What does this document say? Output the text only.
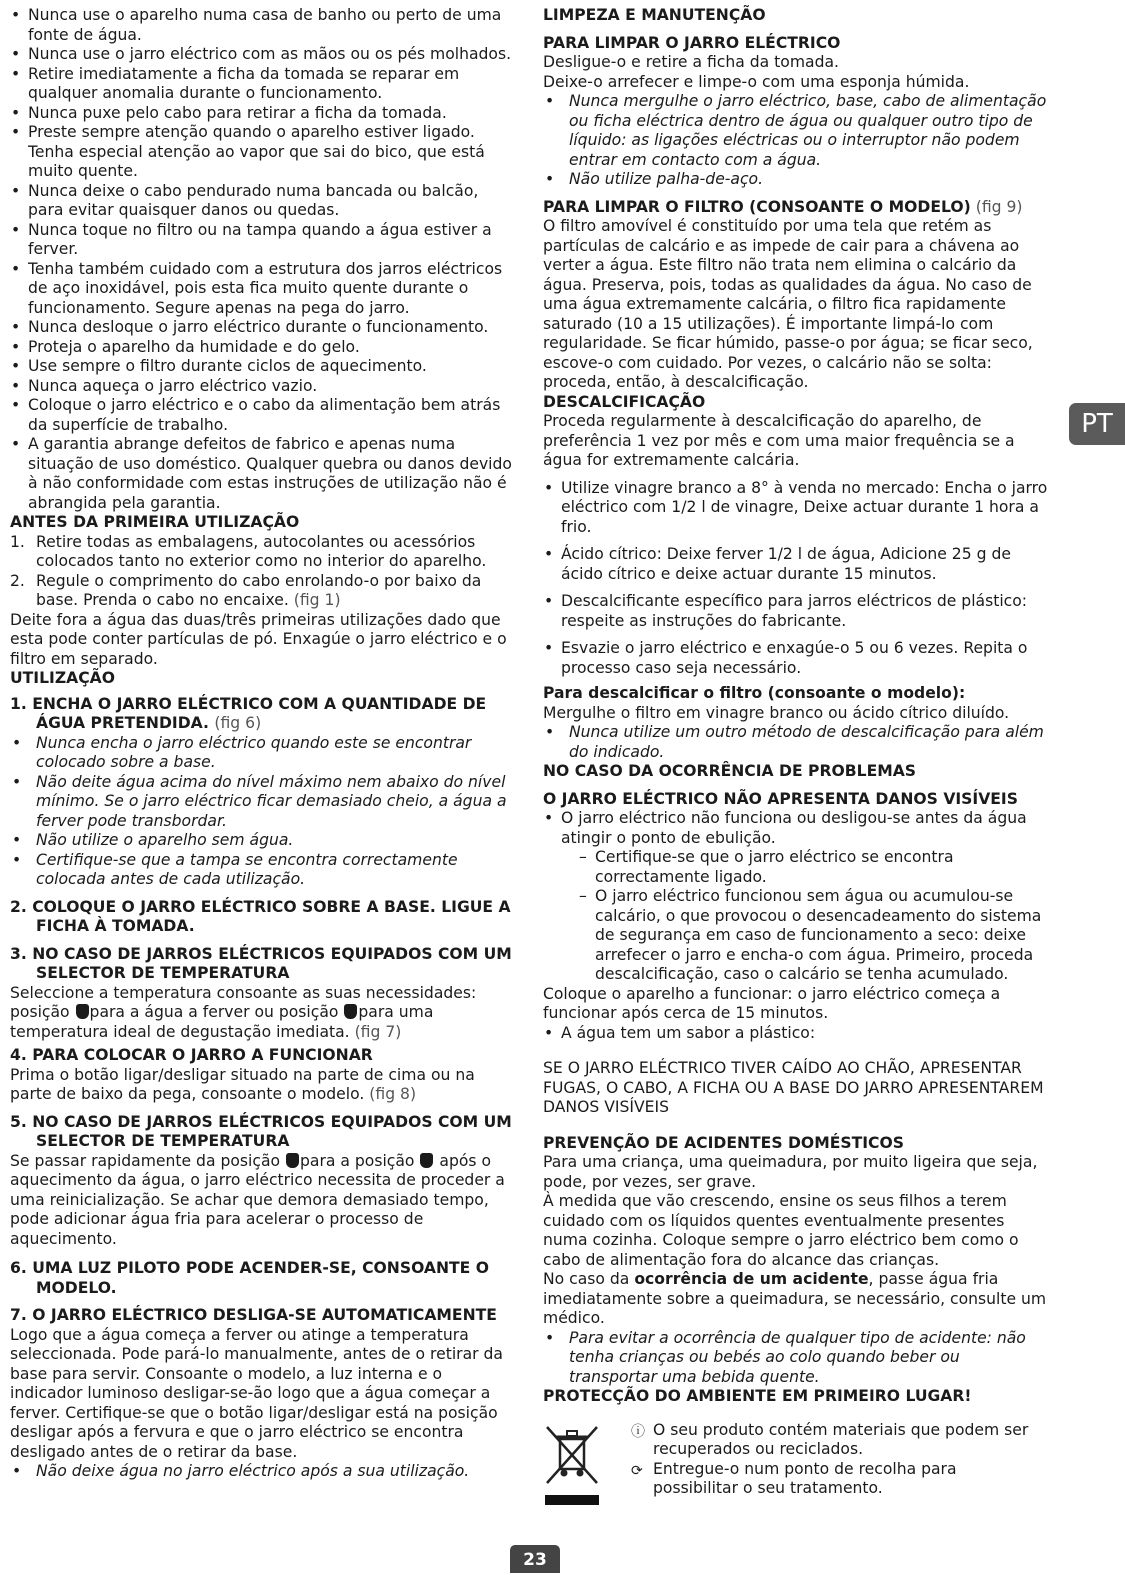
• Nunca use o aparelho numa casa de banho ou perto de uma fonte de água.
• Nunca use o jarro eléctrico com as mãos ou os pés molhados.
• Retire imediatamente a ficha da tomada se reparar em qualquer anomalia durante o funcionamento.
• Nunca puxe pelo cabo para retirar a ficha da tomada.
• Preste sempre atenção quando o aparelho estiver ligado. Tenha especial atenção ao vapor que sai do bico, que está muito quente.
• Nunca deixe o cabo pendurado numa bancada ou balcão, para evitar quaisquer danos ou quedas.
• Nunca toque no filtro ou na tampa quando a água estiver a ferver.
• Tenha também cuidado com a estrutura dos jarros eléctricos de aço inoxidável, pois esta fica muito quente durante o funcionamento. Segure apenas na pega do jarro.
• Nunca desloque o jarro eléctrico durante o funcionamento.
• Proteja o aparelho da humidade e do gelo.
• Use sempre o filtro durante ciclos de aquecimento.
• Nunca aqueça o jarro eléctrico vazio.
• Coloque o jarro eléctrico e o cabo da alimentação bem atrás da superfície de trabalho.
• A garantia abrange defeitos de fabrico e apenas numa situação de uso doméstico. Qualquer quebra ou danos devido à não conformidade com estas instruções de utilização não é abrangida pela garantia.

ANTES DA PRIMEIRA UTILIZAÇÃO

1. Retire todas as embalagens, autocolantes ou acessórios colocados tanto no exterior como no interior do aparelho.
2. Regule o comprimento do cabo enrolando-o por baixo da base. Prenda o cabo no encaixe. (fig 1)

Deite fora a água das duas/três primeiras utilizações dado que esta pode conter partículas de pó. Enxagúe o jarro eléctrico e o filtro em separado.

UTILIZAÇÃO

1. ENCHA O JARRO ELÉCTRICO COM A QUANTIDADE DE ÁGUA PRETENDIDA. (fig 6)

• Nunca encha o jarro eléctrico quando este se encontrar colocado sobre a base.
• Não deite água acima do nível máximo nem abaixo do nível mínimo. Se o jarro eléctrico ficar demasiado cheio, a água a ferver pode transbordar.
• Não utilize o aparelho sem água.
• Certifique-se que a tampa se encontra correctamente colocada antes de cada utilização.

2. COLOQUE O JARRO ELÉCTRICO SOBRE A BASE. LIGUE A FICHA À TOMADA.

3. NO CASO DE JARROS ELÉCTRICOS EQUIPADOS COM UM SELECTOR DE TEMPERATURA

Seleccione a temperatura consoante as suas necessidades: posição para a água a ferver ou posição para uma temperatura ideal de degustação imediata. (fig 7)

4. PARA COLOCAR O JARRO A FUNCIONAR

Prima o botão ligar/desligar situado na parte de cima ou na parte de baixo da pega, consoante o modelo. (fig 8)

5. NO CASO DE JARROS ELÉCTRICOS EQUIPADOS COM UM SELECTOR DE TEMPERATURA

Se passar rapidamente da posição para a posição após o aquecimento da água, o jarro eléctrico necessita de proceder a uma reinicialização. Se achar que demora demasiado tempo, pode adicionar água fria para acelerar o processo de aquecimento.

6. UMA LUZ PILOTO PODE ACENDER-SE, CONSOANTE O MODELO.

7. O JARRO ELÉCTRICO DESLIGA-SE AUTOMATICAMENTE

Logo que a água começa a ferver ou atinge a temperatura seleccionada. Pode pará-lo manualmente, antes de o retirar da base para servir. Consoante o modelo, a luz interna e o indicador luminoso desligar-se-ão logo que a água começar a ferver. Certifique-se que o botão ligar/desligar está na posição desligar após a fervura e que o jarro eléctrico se encontra desligado antes de o retirar da base.

• Não deixe água no jarro eléctrico após a sua utilização.

LIMPEZA E MANUTENÇÃO

PARA LIMPAR O JARRO ELÉCTRICO

Desligue-o e retire a ficha da tomada.

Deixe-o arrefecer e limpe-o com uma esponja húmida.

• Nunca mergulhe o jarro eléctrico, base, cabo de alimentação ou ficha eléctrica dentro de água ou qualquer outro tipo de líquido: as ligações eléctricas ou o interruptor não podem entrar em contacto com a água.
• Não utilize palha-de-aço.

PARA LIMPAR O FILTRO (CONSOANTE O MODELO) (fig 9)

O filtro amovível é constituído por uma tela que retém as partículas de calcário e as impede de cair para a chávena ao verter a água. Este filtro não trata nem elimina o calcário da água. Preserva, pois, todas as qualidades da água. No caso de uma água extremamente calcária, o filtro fica rapidamente saturado (10 a 15 utilizações). É importante limpá-lo com regularidade. Se ficar húmido, passe-o por água; se ficar seco, escove-o com cuidado. Por vezes, o calcário não se solta: proceda, então, à descalcificação.

DESCALCIFICAÇÃO

Proceda regularmente à descalcificação do aparelho, de preferência 1 vez por mês e com uma maior frequência se a água for extremamente calcária.

• Utilize vinagre branco a 8° à venda no mercado: Encha o jarro eléctrico com 1/2 l de vinagre, Deixe actuar durante 1 hora a frio.
• Ácido cítrico: Deixe ferver 1/2 l de água, Adicione 25 g de ácido cítrico e deixe actuar durante 15 minutos.
• Descalcificante específico para jarros eléctricos de plástico: respeite as instruções do fabricante.
• Esvazie o jarro eléctrico e enxagúe-o 5 ou 6 vezes. Repita o processo caso seja necessário.

Para descalcificar o filtro (consoante o modelo):

Mergulhe o filtro em vinagre branco ou ácido cítrico diluído.

• Nunca utilize um outro método de descalcificação para além do indicado.

NO CASO DA OCORRÊNCIA DE PROBLEMAS

O JARRO ELÉCTRICO NÃO APRESENTA DANOS VISÍVEIS

• O jarro eléctrico não funciona ou desligou-se antes da água atingir o ponto de ebulição.
– Certifique-se que o jarro eléctrico se encontra correctamente ligado.
– O jarro eléctrico funcionou sem água ou acumulou-se calcário, o que provocou o desencadeamento do sistema de segurança em caso de funcionamento a seco: deixe arrefecer o jarro e encha-o com água. Primeiro, proceda descalcificação, caso o calcário se tenha acumulado.

Coloque o aparelho a funcionar: o jarro eléctrico começa a funcionar após cerca de 15 minutos.

• A água tem um sabor a plástico:

SE O JARRO ELÉCTRICO TIVER CAÍDO AO CHÃO, APRESENTAR FUGAS, O CABO, A FICHA OU A BASE DO JARRO APRESENTAREM DANOS VISÍVEIS

PREVENÇÃO DE ACIDENTES DOMÉSTICOS

Para uma criança, uma queimadura, por muito ligeira que seja, pode, por vezes, ser grave.

À medida que vão crescendo, ensine os seus filhos a terem cuidado com os líquidos quentes eventualmente presentes numa cozinha. Coloque sempre o jarro eléctrico bem como o cabo de alimentação fora do alcance das crianças.

No caso da ocorrência de um acidente, passe água fria imediatamente sobre a queimadura, se necessário, consulte um médico.

• Para evitar a ocorrência de qualquer tipo de acidente: não tenha crianças ou bebés ao colo quando beber ou transportar uma bebida quente.

PROTECÇÃO DO AMBIENTE EM PRIMEIRO LUGAR!

ⓘ O seu produto contém materiais que podem ser recuperados ou reciclados.
⟳ Entregue-o num ponto de recolha para possibilitar o seu tratamento.
PT
23
